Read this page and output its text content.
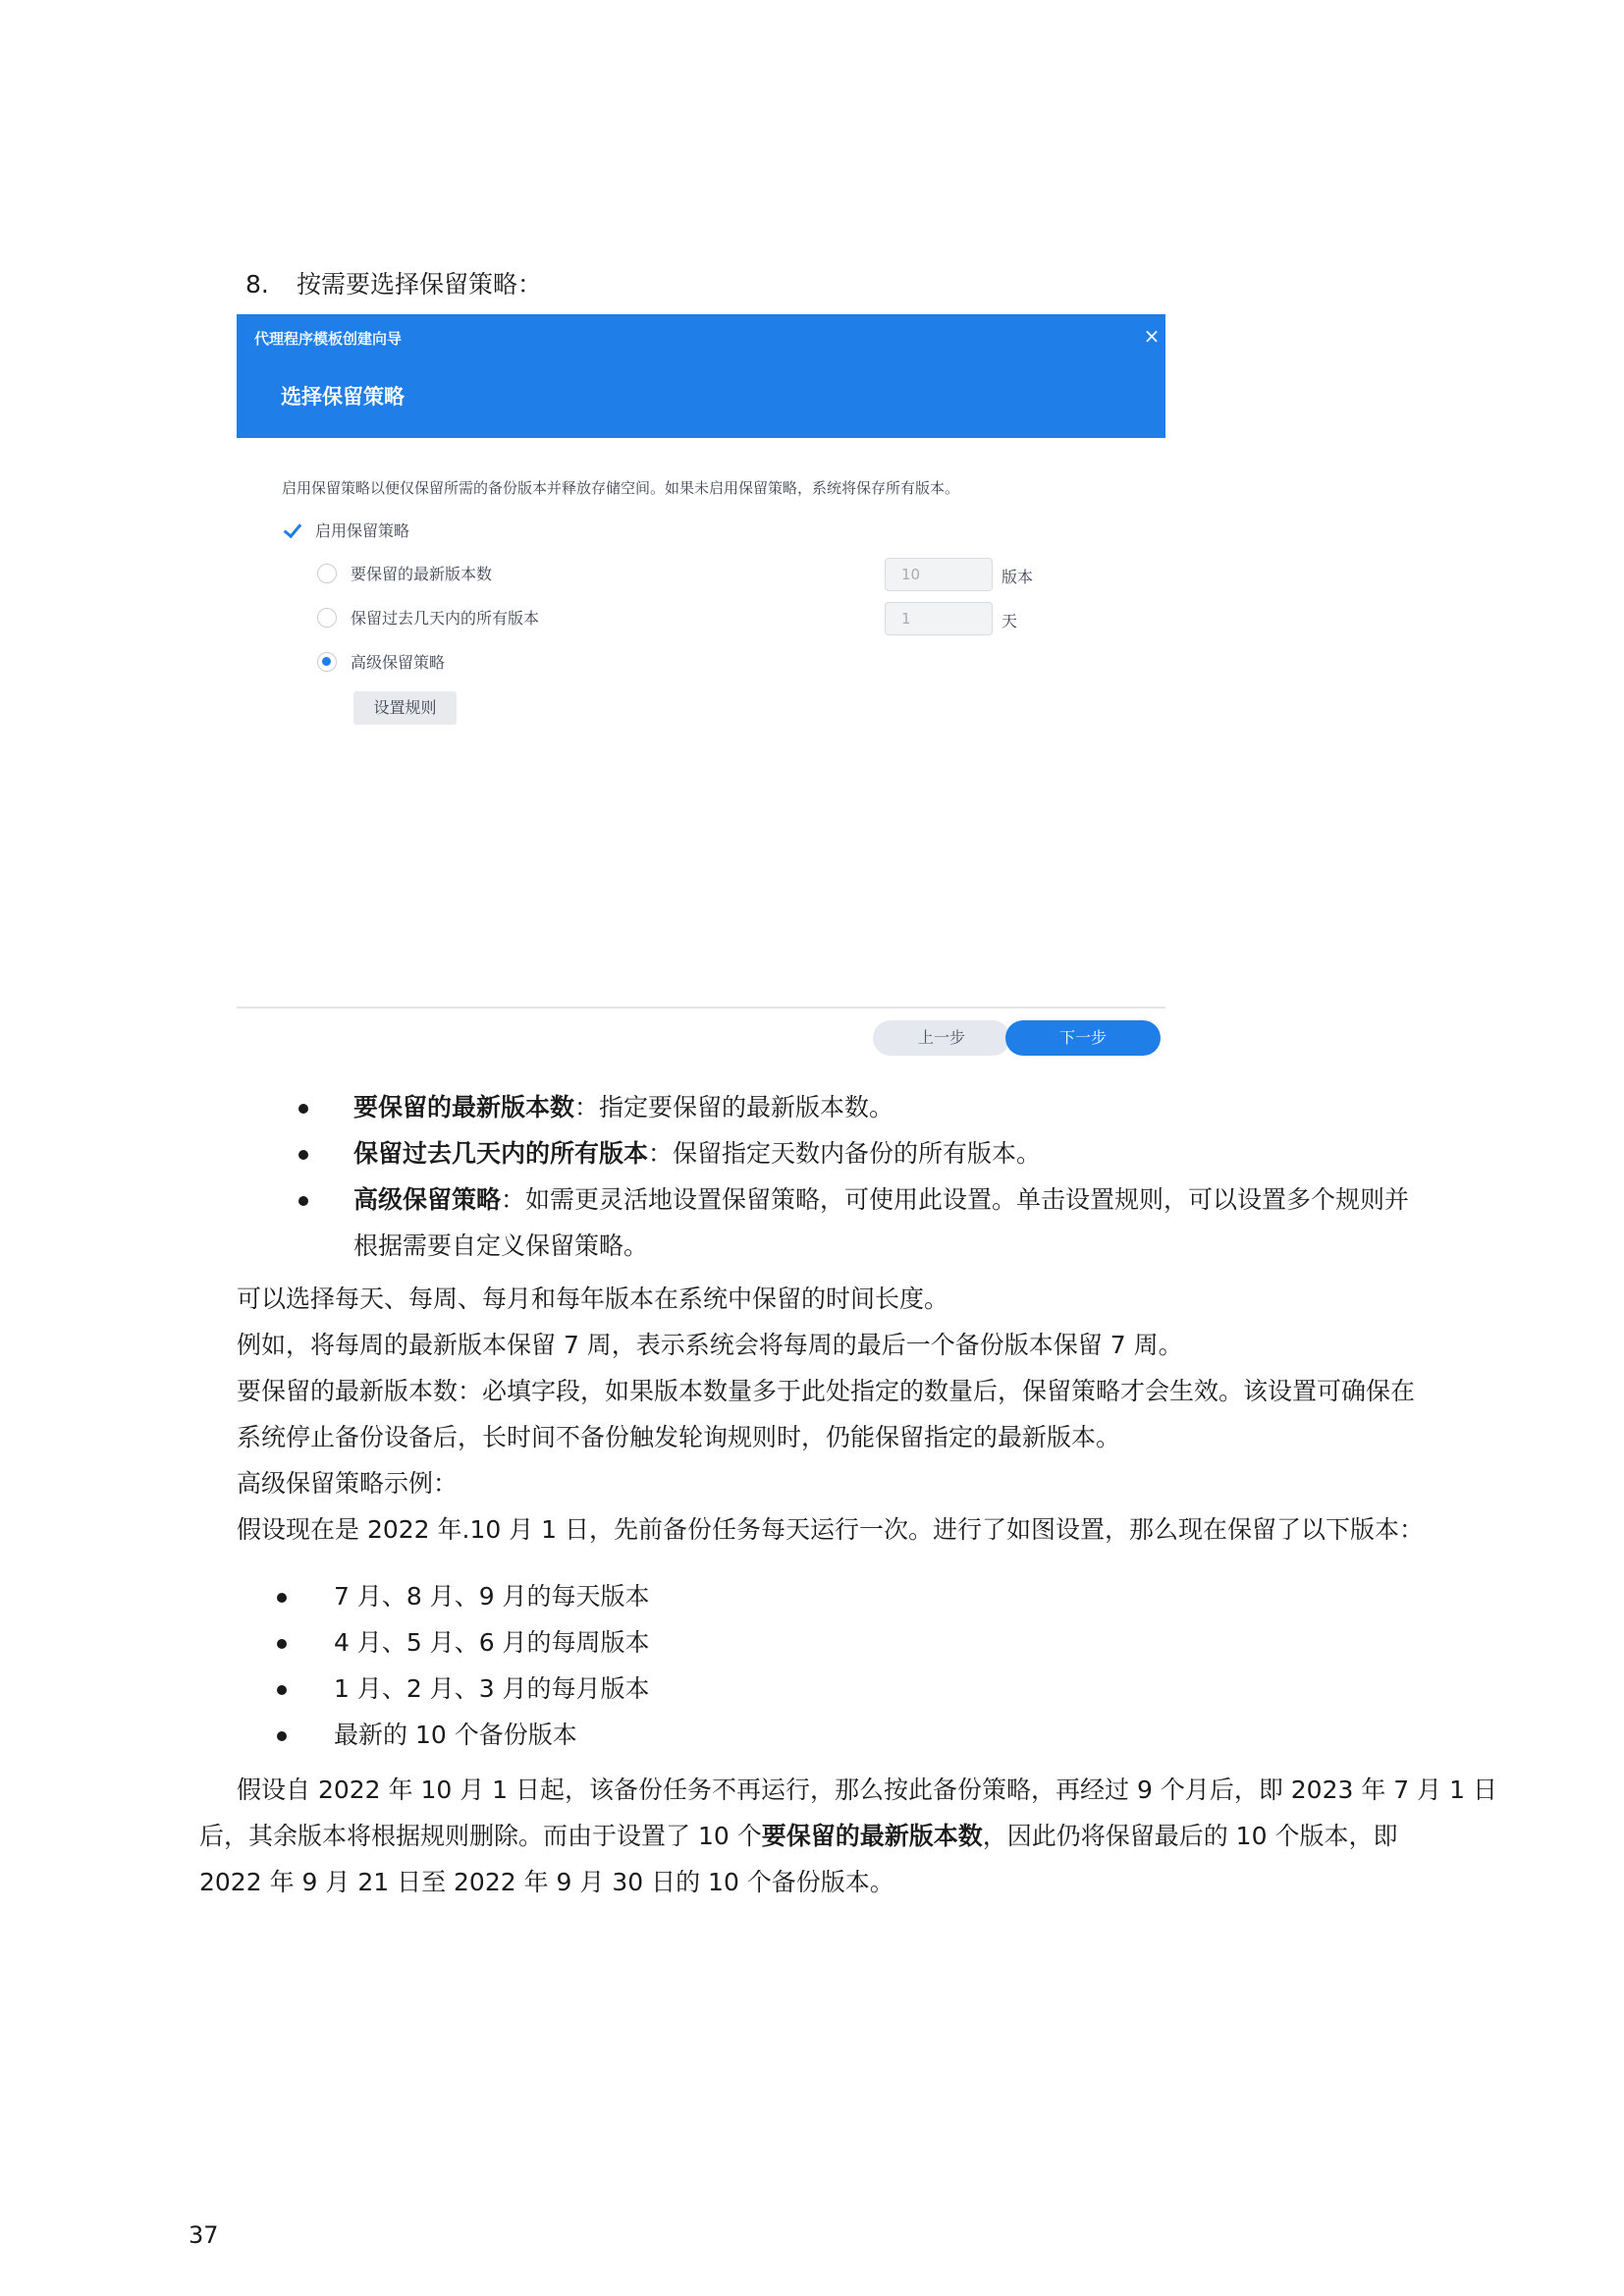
8. 按需要选择保留策略：
代理程序模板创建向导	×
选择保留策略
启用保留策略以便仅保留所需的备份版本并释放存储空间。如果未启用保留策略，系统将保存所有版本。
启用保留策略
要保留的最新版本数	10	版本
保留过去几天内的所有版本	1	天
高级保留策略
设置规则
上一步	下一步
要保留的最新版本数：指定要保留的最新版本数。
保留过去几天内的所有版本：保留指定天数内备份的所有版本。
高级保留策略：如需更灵活地设置保留策略，可使用此设置。单击设置规则，可以设置多个规则并
根据需要自定义保留策略。
可以选择每天、每周、每月和每年版本在系统中保留的时间长度。
例如，将每周的最新版本保留 7 周，表示系统会将每周的最后一个备份版本保留 7 周。
要保留的最新版本数：必填字段，如果版本数量多于此处指定的数量后，保留策略才会生效。该设置可确保在
系统停止备份设备后，长时间不备份触发轮询规则时，仍能保留指定的最新版本。
高级保留策略示例：
假设现在是 2022 年.10 月 1 日，先前备份任务每天运行一次。进行了如图设置，那么现在保留了以下版本：
7 月、8 月、9 月的每天版本
4 月、5 月、6 月的每周版本
1 月、2 月、3 月的每月版本
最新的 10 个备份版本
假设自 2022 年 10 月 1 日起，该备份任务不再运行，那么按此备份策略，再经过 9 个月后，即 2023 年 7 月 1 日
后，其余版本将根据规则删除。而由于设置了 10 个要保留的最新版本数，因此仍将保留最后的 10 个版本，即
2022 年 9 月 21 日至 2022 年 9 月 30 日的 10 个备份版本。
37
